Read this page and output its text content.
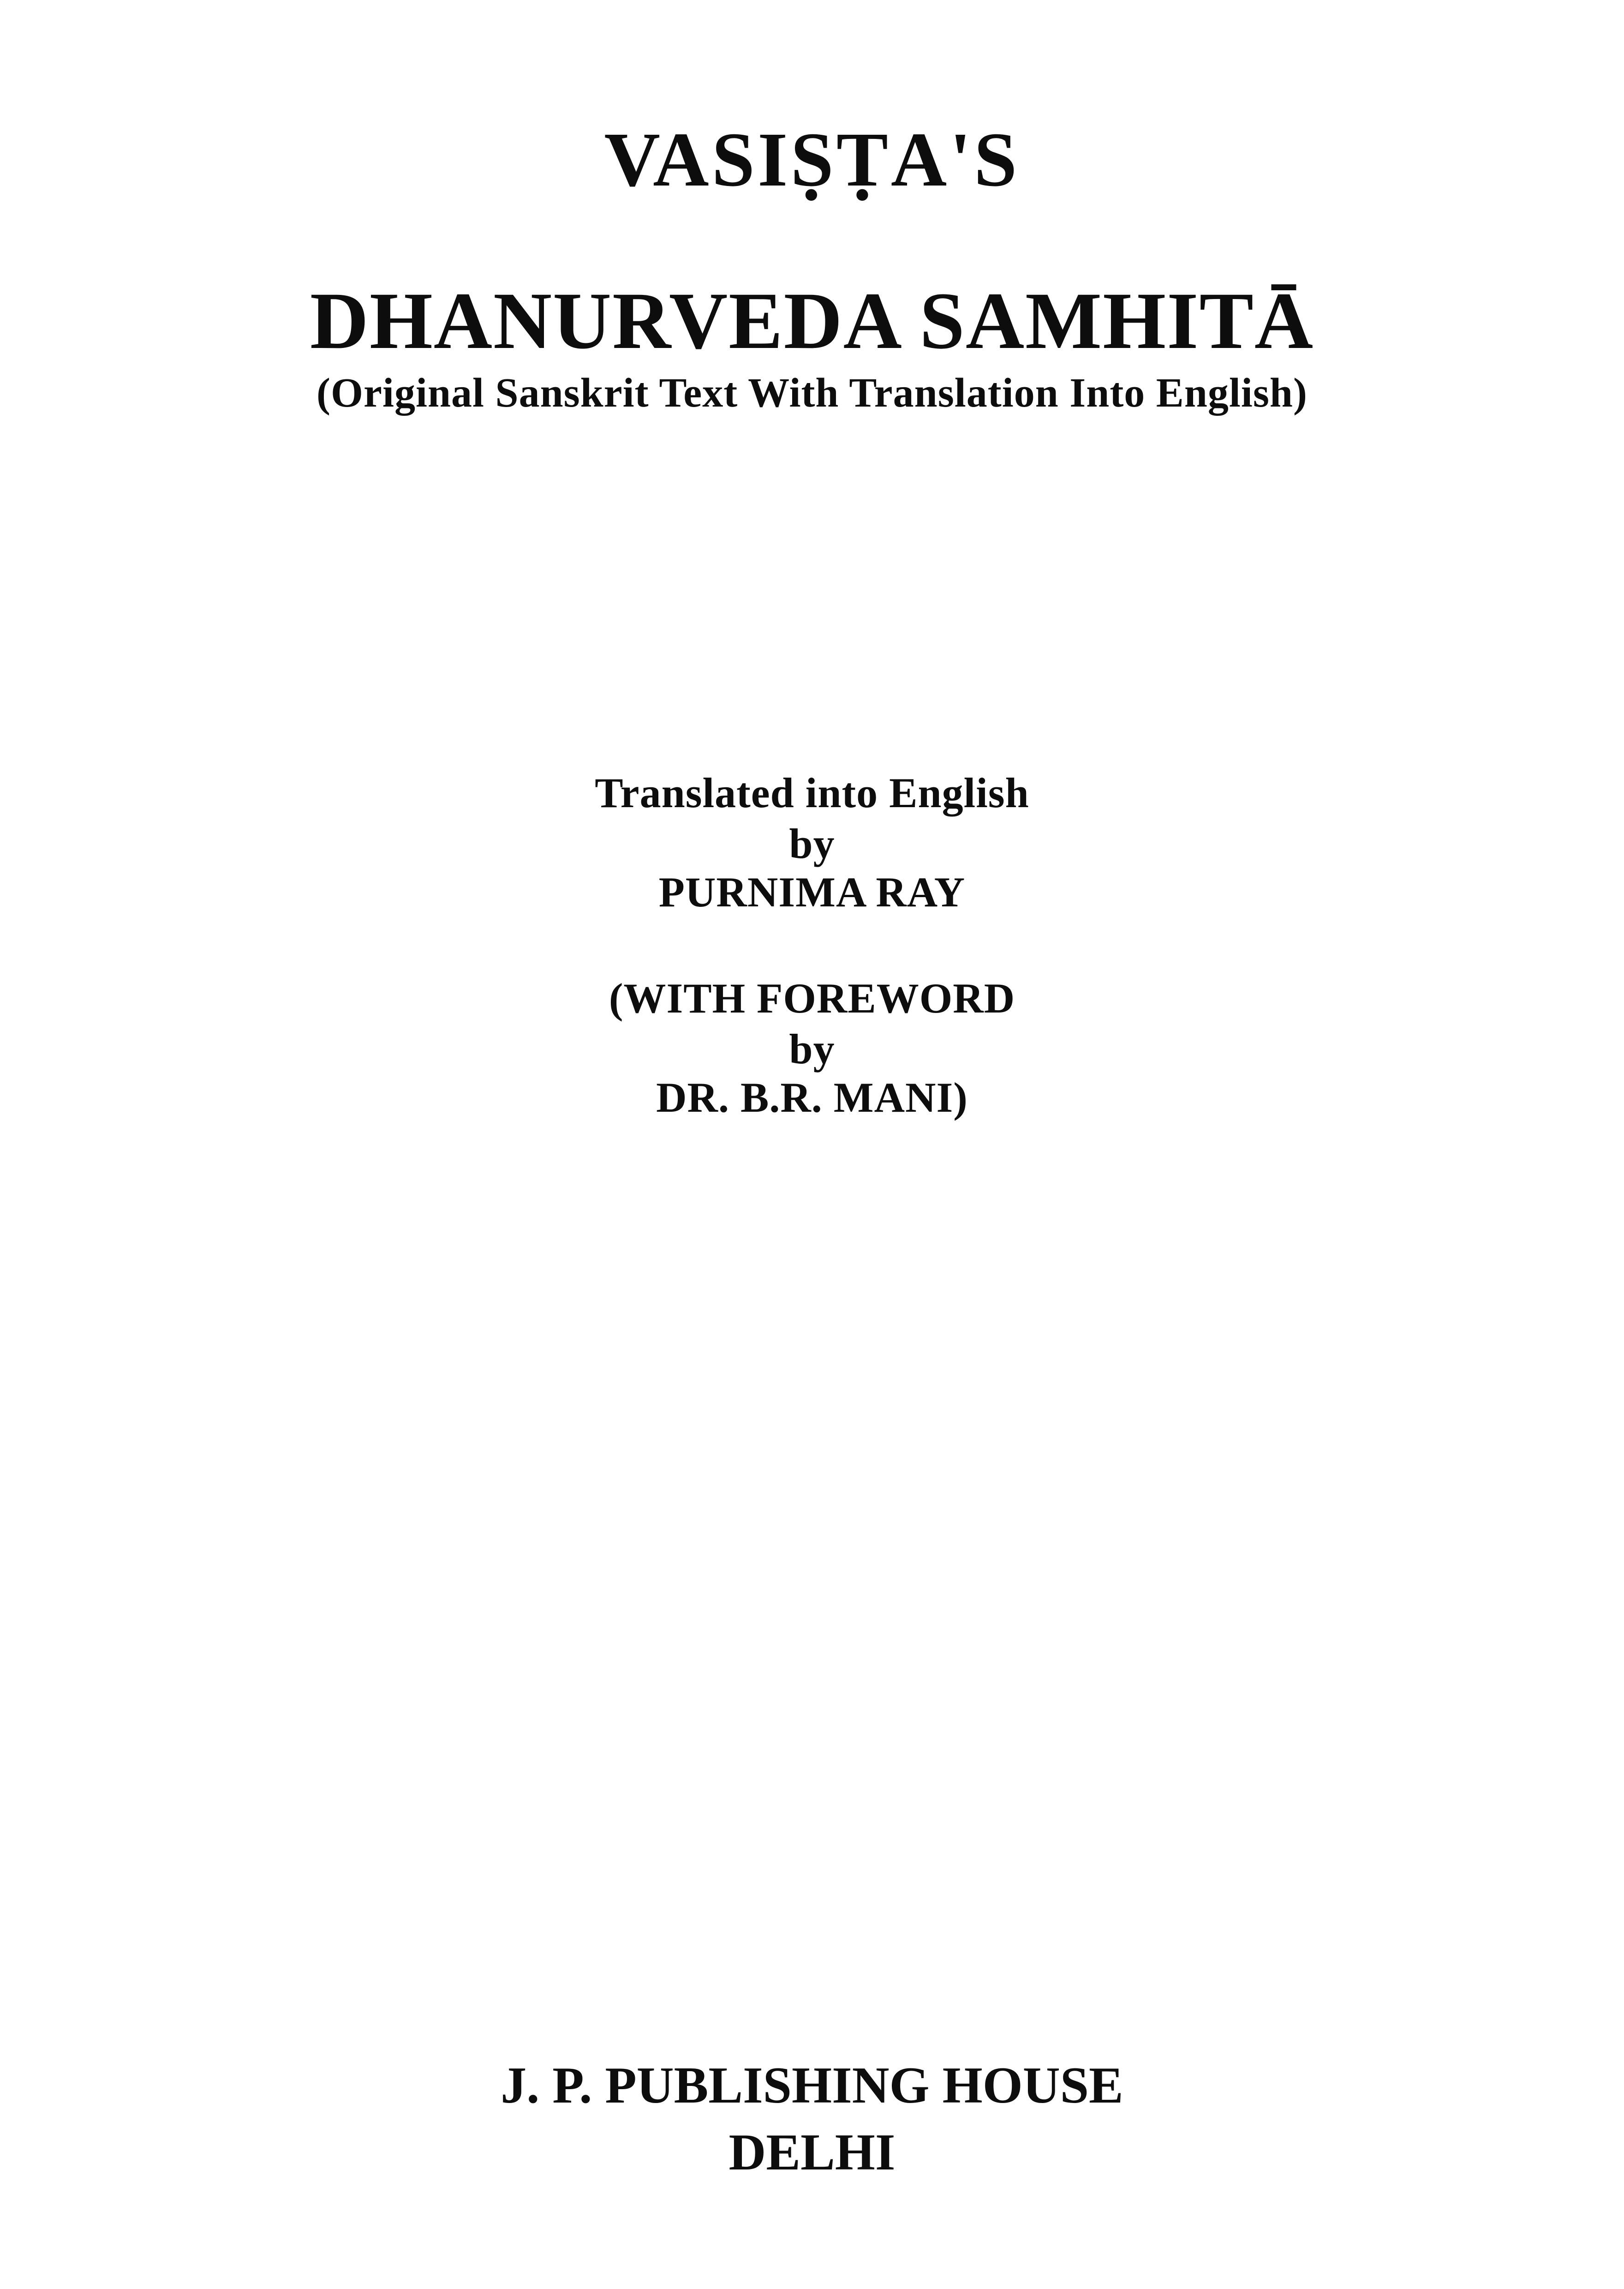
VASIṢṬA'S
DHANURVEDA SAMHITĀ
(Original Sanskrit Text With Translation Into English)
Translated into English
by
PURNIMA RAY
(WITH FOREWORD
by
DR. B.R. MANI)
J. P. PUBLISHING HOUSE
DELHI
